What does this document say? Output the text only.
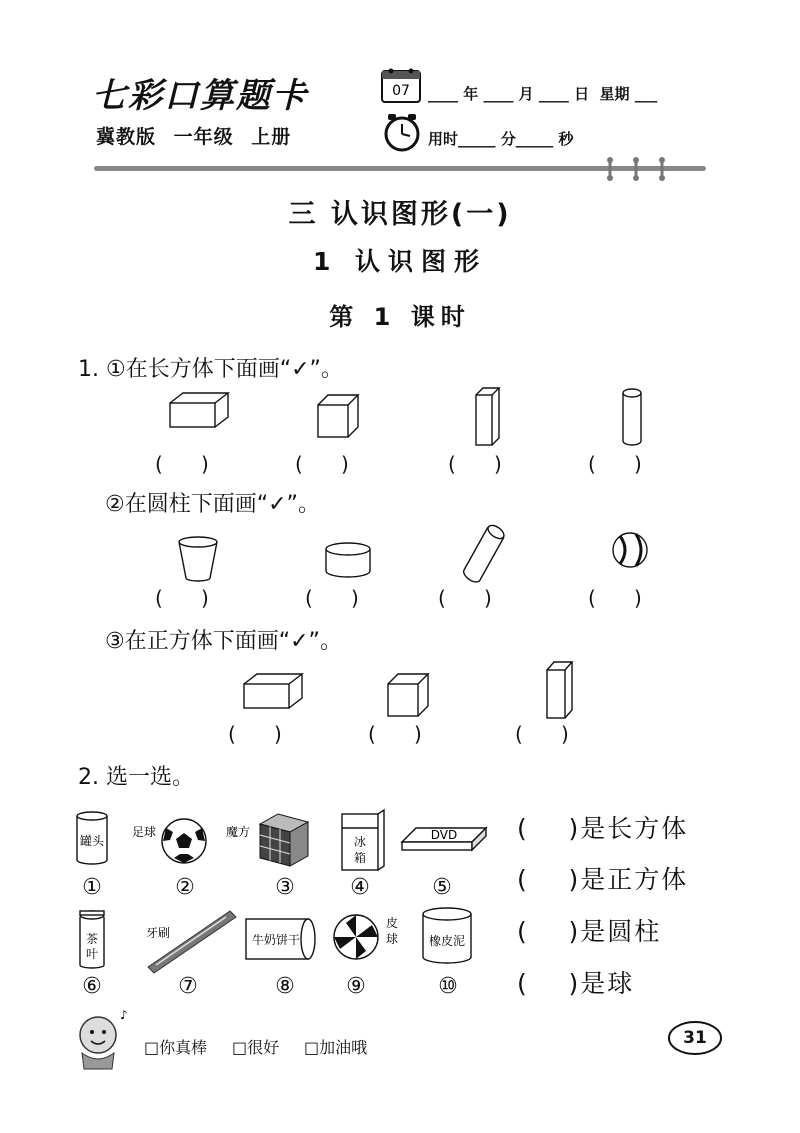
七彩口算题卡
冀教版 一年级 上册
07 ____ 年 ____ 月 ____ 日  星期 ___
用时_____ 分_____ 秒
三 认识图形(一)
1 认识图形
第 1 课时
1. ①在长方体下面画“✓”。
(      )	(      )	(      )	(      )
②在圆柱下面画“✓”。
(      )	(      )	(      )	(      )
③在正方体下面画“✓”。
(      )	(      )	(      )
2. 选一选。
罐头
足球	魔方
冰
箱
DVD
①	②	③	④	⑤
茶
叶
牙刷	牛奶饼干
皮
球	橡皮泥
⑥	⑦	⑧	⑨	⑩
(    )是长方体
(    )是正方体
(    )是圆柱
(    )是球
♪
□你真棒 □很好 □加油哦	31
